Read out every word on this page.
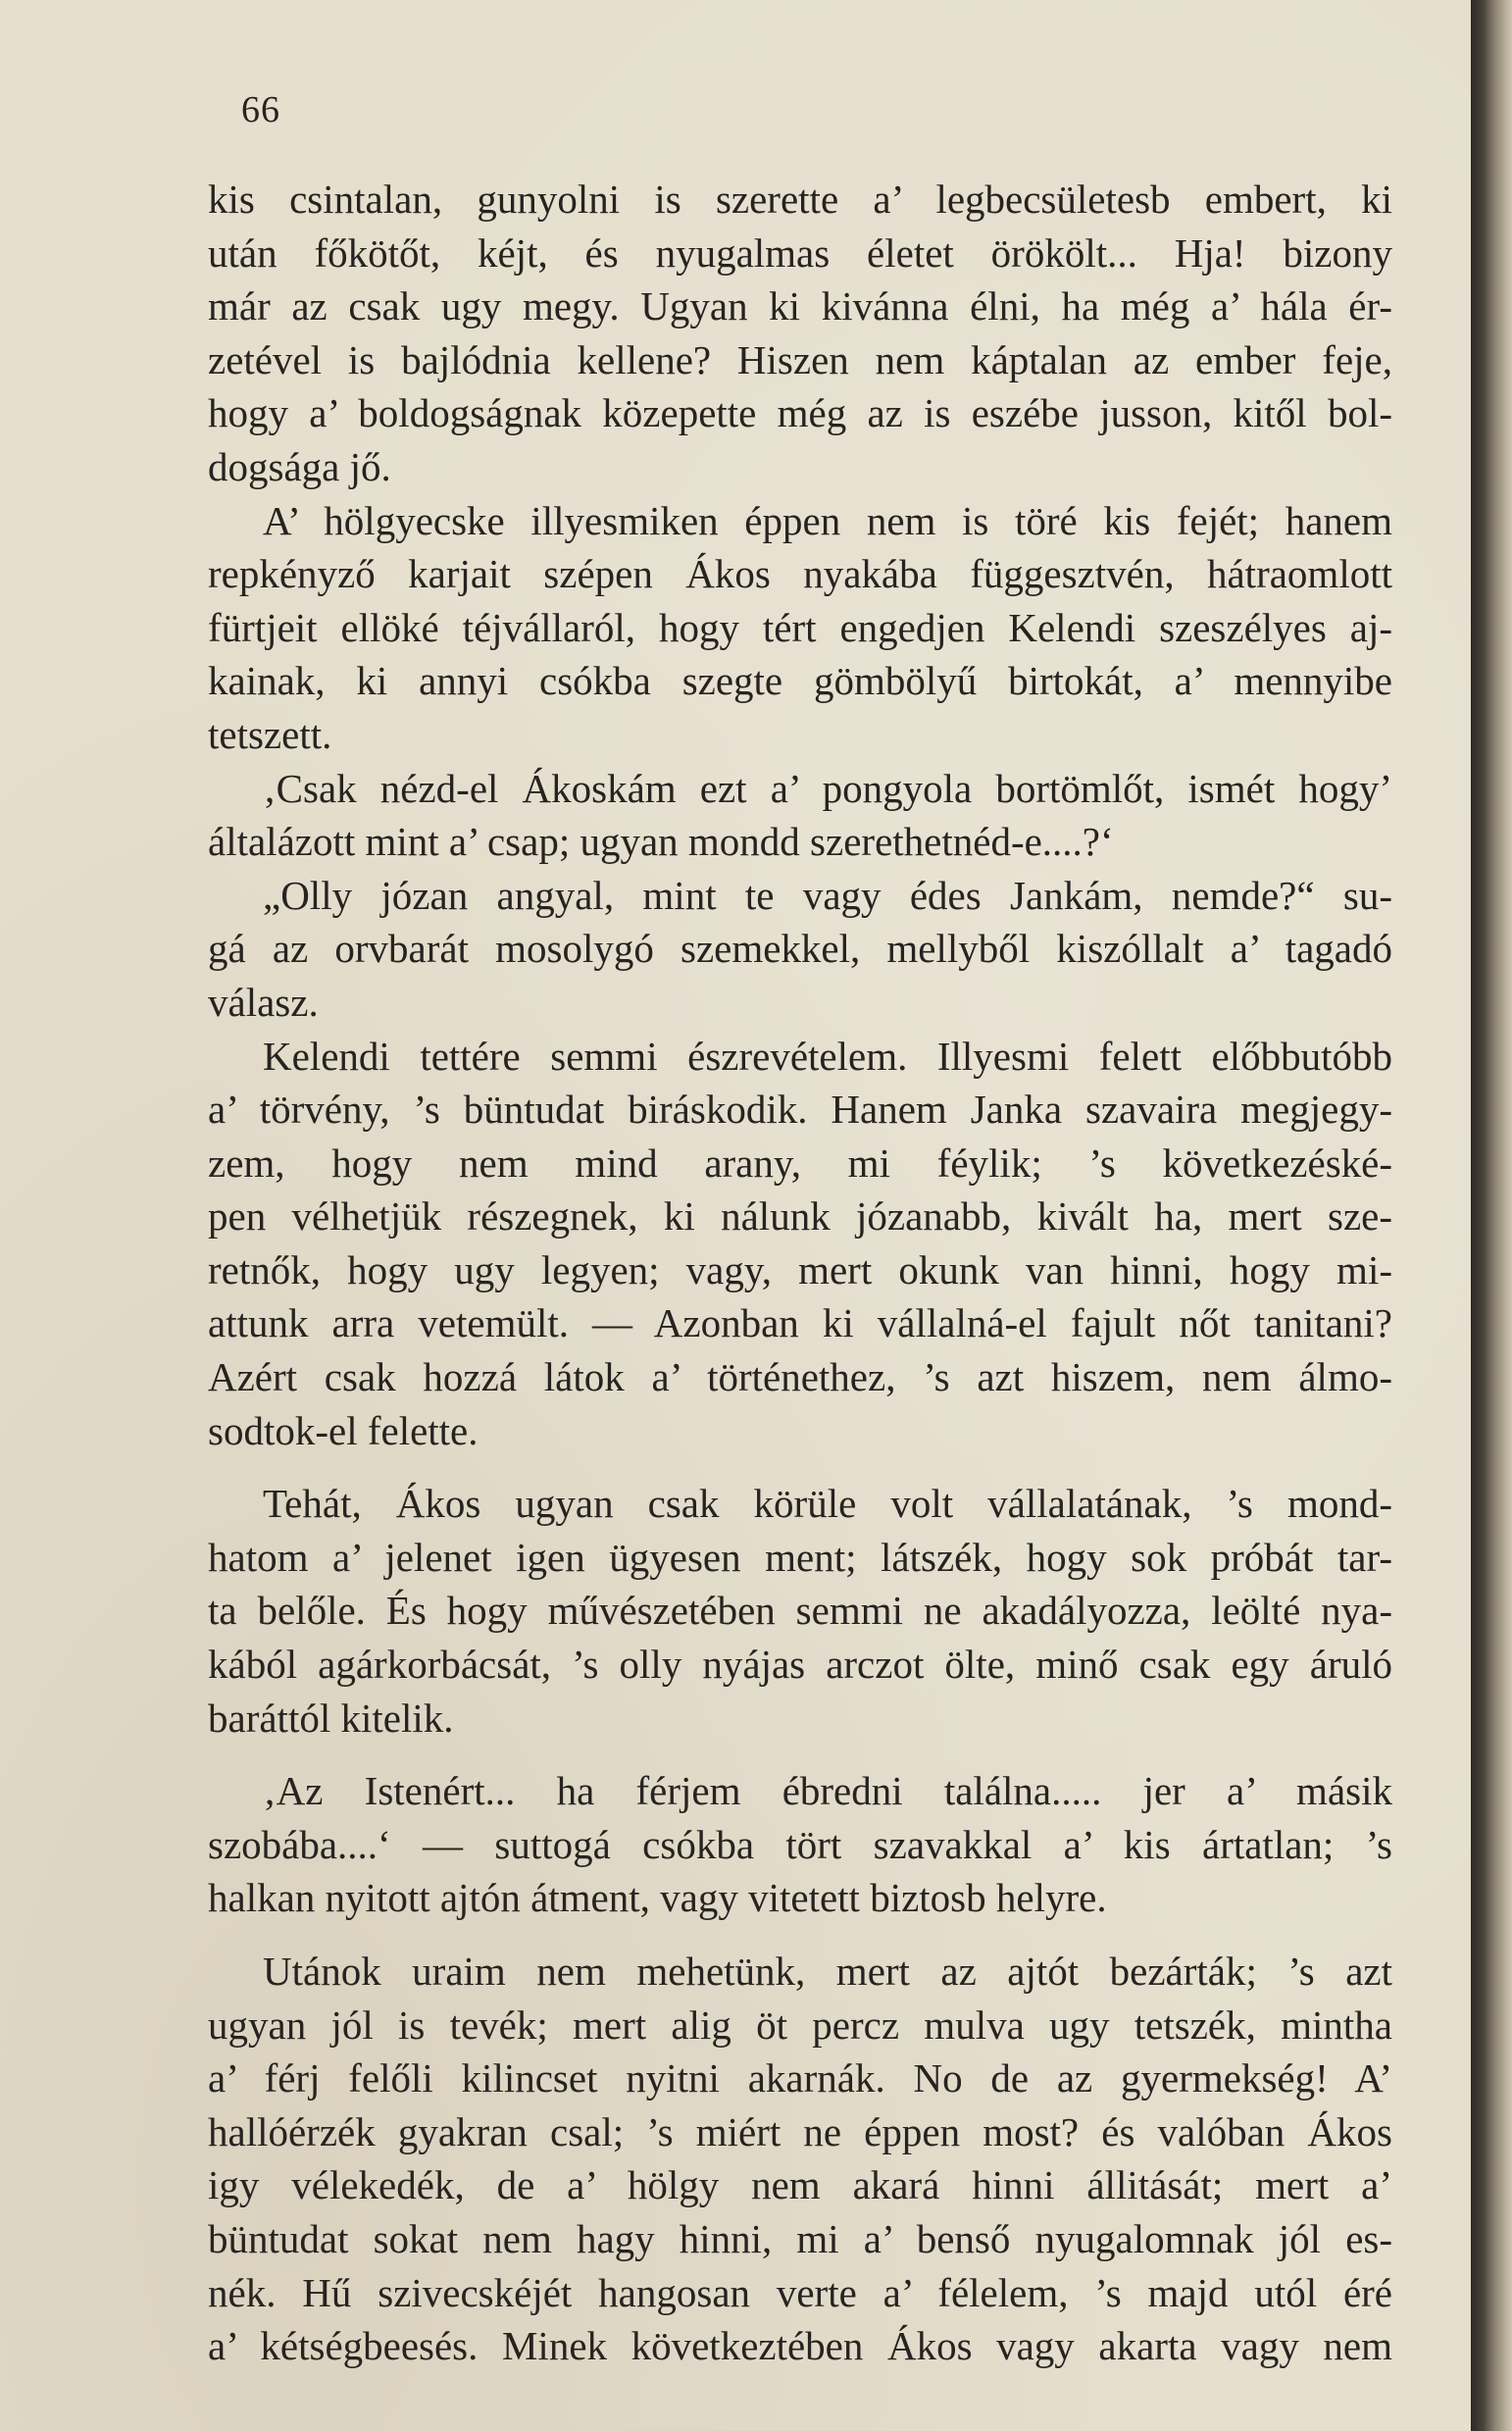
66
kis csintalan, gunyolni is szerette a’ legbecsületesb embert, ki
után főkötőt, kéjt, és nyugalmas életet örökölt... Hja! bizony
már az csak ugy megy. Ugyan ki kivánna élni, ha még a’ hála ér-
zetével is bajlódnia kellene? Hiszen nem káptalan az ember feje,
hogy a’ boldogságnak közepette még az is eszébe jusson, kitől bol-
dogsága jő.
A’ hölgyecske illyesmiken éppen nem is töré kis fejét; hanem
repkényző karjait szépen Ákos nyakába függesztvén, hátraomlott
fürtjeit ellöké téjvállaról, hogy tért engedjen Kelendi szeszélyes aj-
kainak, ki annyi csókba szegte gömbölyű birtokát, a’ mennyibe
tetszett.
‚Csak nézd-el Ákoskám ezt a’ pongyola bortömlőt, ismét hogy’
általázott mint a’ csap; ugyan mondd szerethetnéd-e....?‘
„Olly józan angyal, mint te vagy édes Jankám, nemde?“ su-
gá az orvbarát mosolygó szemekkel, mellyből kiszóllalt a’ tagadó
válasz.
Kelendi tettére semmi észrevételem. Illyesmi felett előbbutóbb
a’ törvény, ’s büntudat biráskodik. Hanem Janka szavaira megjegy-
zem, hogy nem mind arany, mi féylik; ’s következéské-
pen vélhetjük részegnek, ki nálunk józanabb, kivált ha, mert sze-
retnők, hogy ugy legyen; vagy, mert okunk van hinni, hogy mi-
attunk arra vetemült. — Azonban ki vállalná-el fajult nőt tanitani?
Azért csak hozzá látok a’ történethez, ’s azt hiszem, nem álmo-
sodtok-el felette.
Tehát, Ákos ugyan csak körüle volt vállalatának, ’s mond-
hatom a’ jelenet igen ügyesen ment; látszék, hogy sok próbát tar-
ta belőle. És hogy művészetében semmi ne akadályozza, leölté nya-
kából agárkorbácsát, ’s olly nyájas arczot ölte, minő csak egy áruló
baráttól kitelik.
‚Az Istenért... ha férjem ébredni találna..... jer a’ másik
szobába....‘ — suttogá csókba tört szavakkal a’ kis ártatlan; ’s
halkan nyitott ajtón átment, vagy vitetett biztosb helyre.
Utánok uraim nem mehetünk, mert az ajtót bezárták; ’s azt
ugyan jól is tevék; mert alig öt percz mulva ugy tetszék, mintha
a’ férj felőli kilincset nyitni akarnák. No de az gyermekség! A’
hallóérzék gyakran csal; ’s miért ne éppen most? és valóban Ákos
igy vélekedék, de a’ hölgy nem akará hinni állitását; mert a’
büntudat sokat nem hagy hinni, mi a’ benső nyugalomnak jól es-
nék. Hű szivecskéjét hangosan verte a’ félelem, ’s majd utól éré
a’ kétségbeesés. Minek következtében Ákos vagy akarta vagy nem
